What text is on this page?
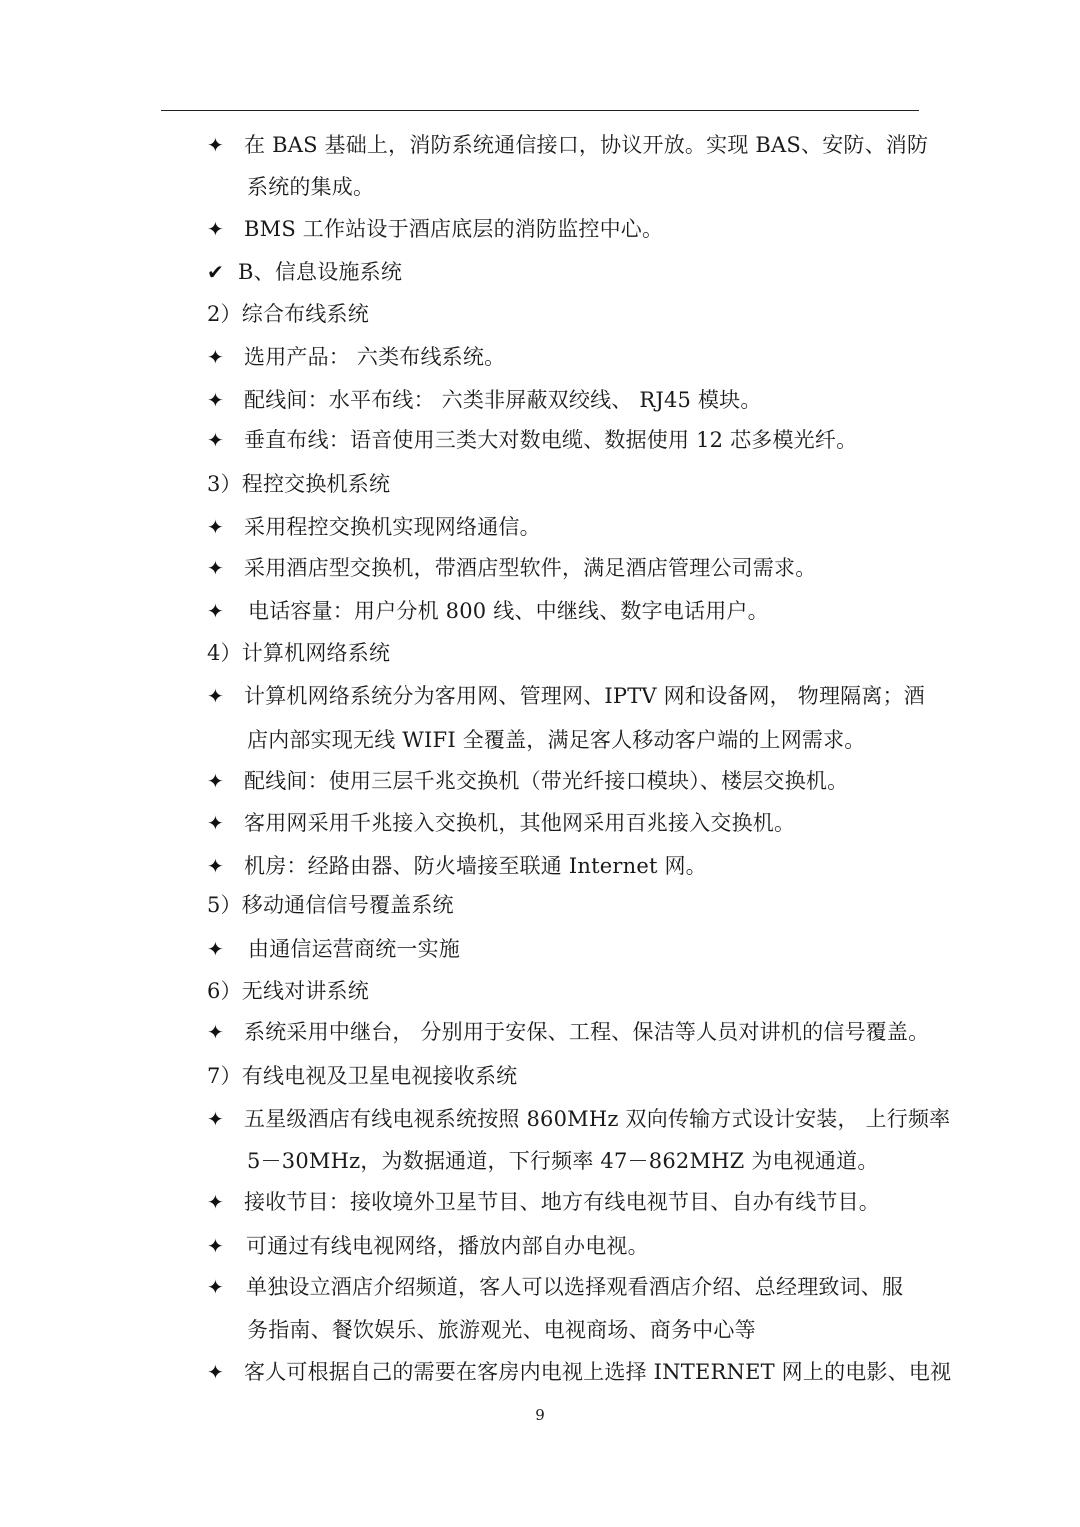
✦ 在 BAS 基础上，消防系统通信接口，协议开放。实现 BAS、安防、消防
系统的集成。
✦ BMS 工作站设于酒店底层的消防监控中心。
✔ B、信息设施系统
2）综合布线系统
✦ 选用产品： 六类布线系统。
✦ 配线间：水平布线： 六类非屏蔽双绞线、 RJ45 模块。
✦ 垂直布线：语音使用三类大对数电缆、数据使用 12 芯多模光纤。
3）程控交换机系统
✦ 采用程控交换机实现网络通信。
✦ 采用酒店型交换机，带酒店型软件，满足酒店管理公司需求。
✦ 电话容量：用户分机 800 线、中继线、数字电话用户。
4）计算机网络系统
✦ 计算机网络系统分为客用网、管理网、IPTV 网和设备网， 物理隔离；酒
店内部实现无线 WIFI 全覆盖，满足客人移动客户端的上网需求。
✦ 配线间：使用三层千兆交换机（带光纤接口模块）、楼层交换机。
✦ 客用网采用千兆接入交换机，其他网采用百兆接入交换机。
✦ 机房：经路由器、防火墙接至联通 Internet 网。
5）移动通信信号覆盖系统
✦ 由通信运营商统一实施
6）无线对讲系统
✦ 系统采用中继台， 分别用于安保、工程、保洁等人员对讲机的信号覆盖。
7）有线电视及卫星电视接收系统
✦ 五星级酒店有线电视系统按照 860MHz 双向传输方式设计安装， 上行频率
5－30MHz，为数据通道，下行频率 47－862MHZ 为电视通道。
✦ 接收节目：接收境外卫星节目、地方有线电视节目、自办有线节目。
✦ 可通过有线电视网络，播放内部自办电视。
✦ 单独设立酒店介绍频道，客人可以选择观看酒店介绍、总经理致词、服
务指南、餐饮娱乐、旅游观光、电视商场、商务中心等
✦ 客人可根据自己的需要在客房内电视上选择 INTERNET 网上的电影、电视
9
